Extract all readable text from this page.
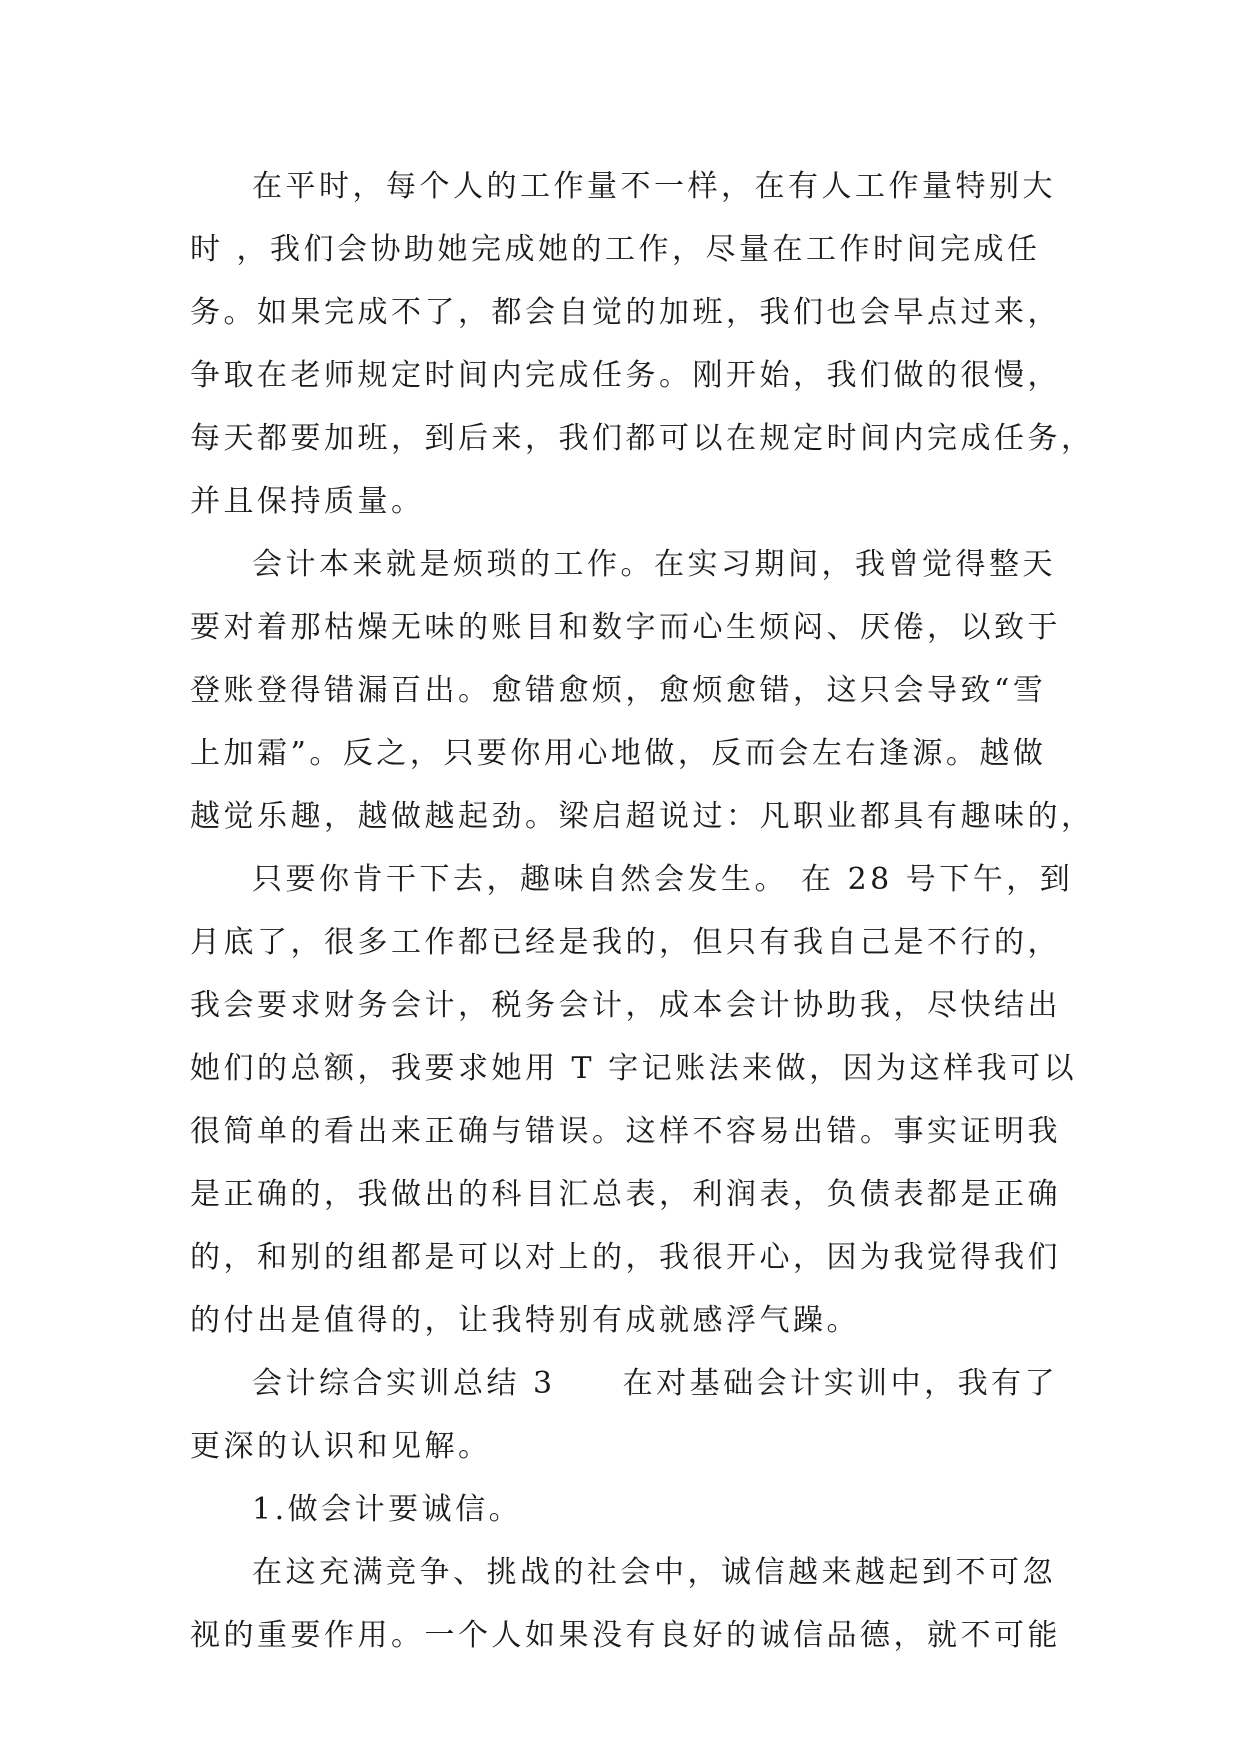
在平时，每个人的工作量不一样，在有人工作量特别大
时 ，我们会协助她完成她的工作，尽量在工作时间完成任
务。如果完成不了，都会自觉的加班，我们也会早点过来，
争取在老师规定时间内完成任务。刚开始，我们做的很慢，
每天都要加班，到后来，我们都可以在规定时间内完成任务，
并且保持质量。
会计本来就是烦琐的工作。在实习期间，我曾觉得整天
要对着那枯燥无味的账目和数字而心生烦闷、厌倦，以致于
登账登得错漏百出。愈错愈烦，愈烦愈错，这只会导致“雪
上加霜”。反之，只要你用心地做，反而会左右逢源。越做
越觉乐趣，越做越起劲。梁启超说过：凡职业都具有趣味的，
只要你肯干下去，趣味自然会发生。 在 28 号下午，到
月底了，很多工作都已经是我的，但只有我自己是不行的，
我会要求财务会计，税务会计，成本会计协助我，尽快结出
她们的总额，我要求她用 T 字记账法来做，因为这样我可以
很简单的看出来正确与错误。这样不容易出错。事实证明我
是正确的，我做出的科目汇总表，利润表，负债表都是正确
的，和别的组都是可以对上的，我很开心，因为我觉得我们
的付出是值得的，让我特别有成就感浮气躁。
会计综合实训总结 3　　在对基础会计实训中，我有了
更深的认识和见解。
1.做会计要诚信。
在这充满竞争、挑战的社会中，诚信越来越起到不可忽
视的重要作用。一个人如果没有良好的诚信品德，就不可能
